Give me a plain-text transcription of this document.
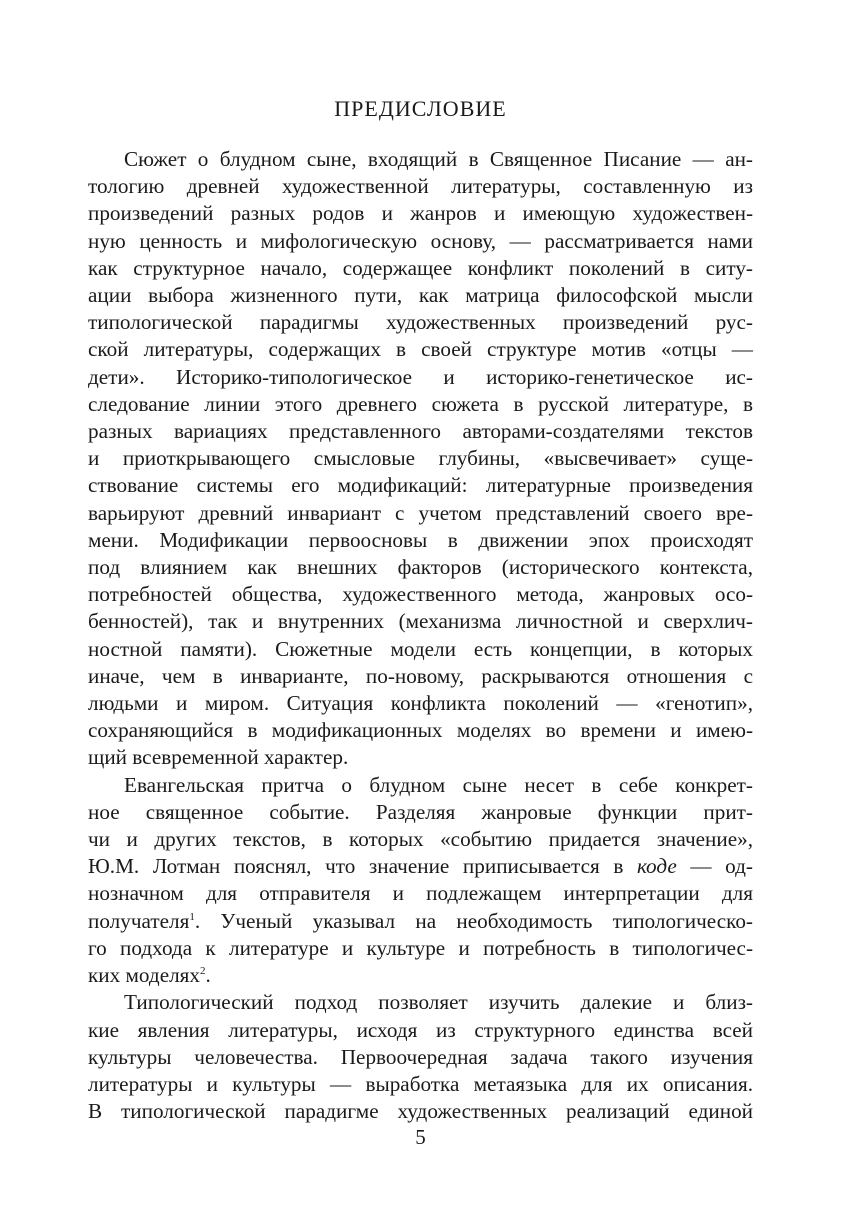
ПРЕДИСЛОВИЕ
Сюжет о блудном сыне, входящий в Священное Писание — ан-
тологию древней художественной литературы, составленную из
произведений разных родов и жанров и имеющую художествен-
ную ценность и мифологическую основу, — рассматривается нами
как структурное начало, содержащее конфликт поколений в ситу-
ации выбора жизненного пути, как матрица философской мысли
типологической парадигмы художественных произведений рус-
ской литературы, содержащих в своей структуре мотив «отцы —
дети». Историко-типологическое и историко-генетическое ис-
следование линии этого древнего сюжета в русской литературе, в
разных вариациях представленного авторами-создателями текстов
и приоткрывающего смысловые глубины, «высвечивает» суще-
ствование системы его модификаций: литературные произведения
варьируют древний инвариант с учетом представлений своего вре-
мени. Модификации первоосновы в движении эпох происходят
под влиянием как внешних факторов (исторического контекста,
потребностей общества, художественного метода, жанровых осо-
бенностей), так и внутренних (механизма личностной и сверхлич-
ностной памяти). Сюжетные модели есть концепции, в которых
иначе, чем в инварианте, по-новому, раскрываются отношения с
людьми и миром. Ситуация конфликта поколений — «генотип»,
сохраняющийся в модификационных моделях во времени и имею-
щий всевременной характер.
Евангельская притча о блудном сыне несет в себе конкрет-
ное священное событие. Разделяя жанровые функции прит-
чи и других текстов, в которых «событию придается значение»,
Ю.М. Лотман пояснял, что значение приписывается в коде — од-
нозначном для отправителя и подлежащем интерпретации для
получателя$^1$. Ученый указывал на необходимость типологическо-
го подхода к литературе и культуре и потребность в типологичес-
ких моделях$^2$.
Типологический подход позволяет изучить далекие и близ-
кие явления литературы, исходя из структурного единства всей
культуры человечества. Первоочередная задача такого изучения
литературы и культуры — выработка метаязыка для их описания.
В типологической парадигме художественных реализаций единой

5
